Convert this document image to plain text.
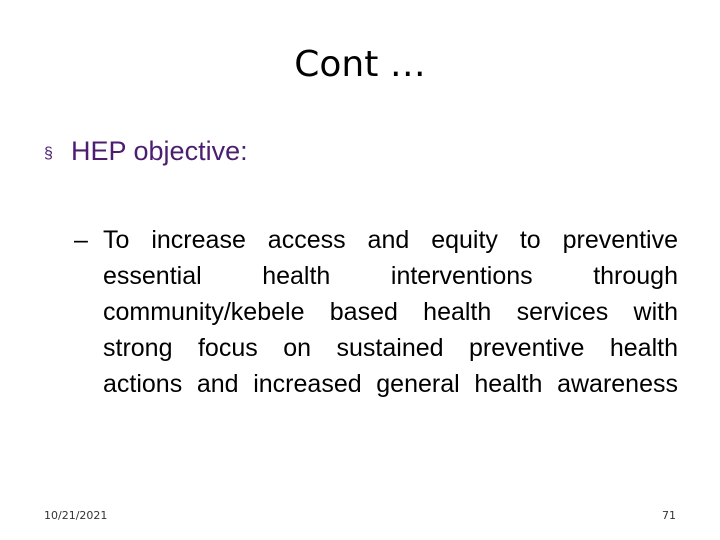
Cont …
§ HEP objective:
– To increase access and equity to preventive essential health interventions through community/kebele based health services with strong focus on sustained preventive health actions and increased general health awareness
10/21/2021	71
